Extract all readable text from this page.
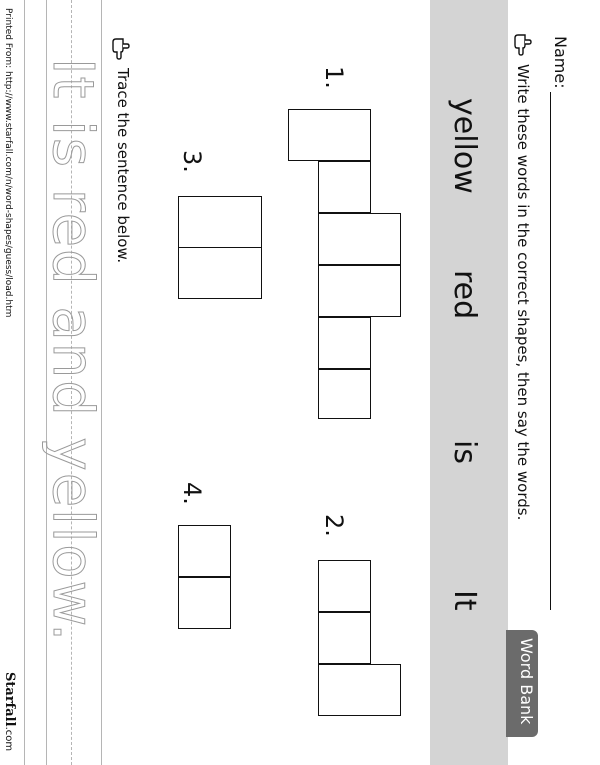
Word Bank
yellow
red
is
It
Name:
Write these words in the correct shapes, then say the words.
1.
2.
3.
4.
Trace the sentence below.
It is red and yellow.
Printed From: http://www.starfall.com/n/word-shapes/guess/load.htm
Starfall.com
